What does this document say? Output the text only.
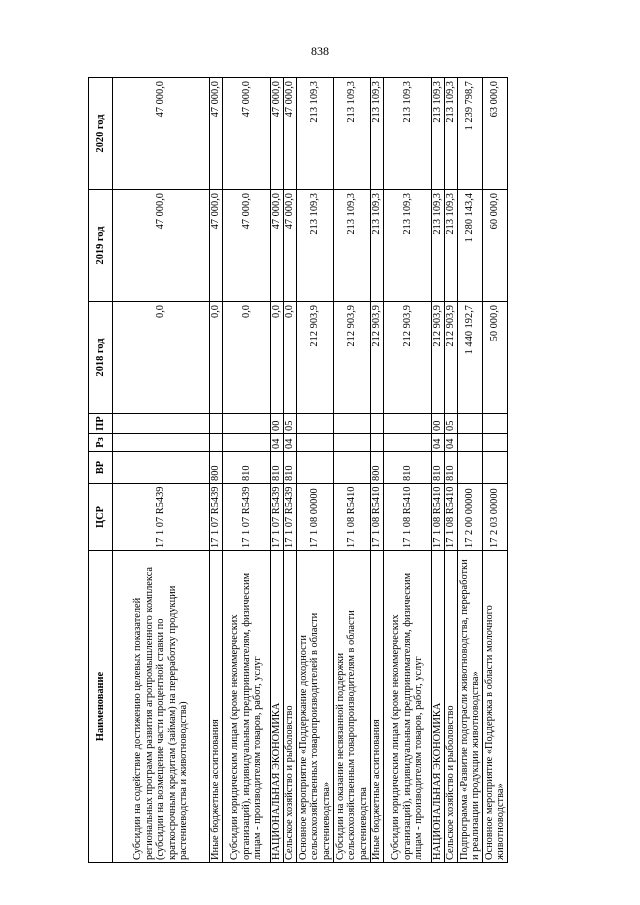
838
Наименование	ЦСР	ВР	Рз	ПР	2018 год	2019 год	2020 год
Субсидии на содействие достижению целевых показателей региональных программ развития агропромышленного комплекса (субсидии на возмещение части процентной ставки по краткосрочным кредитам (займам) на переработку продукции растениеводства и животноводства)	17 1 07 R5439				0,0	47 000,0	47 000,0
Иные бюджетные ассигнования	17 1 07 R5439	800			0,0	47 000,0	47 000,0
Субсидии юридическим лицам (кроме некоммерческих организаций), индивидуальным предпринимателям, физическим лицам - производителям товаров, работ, услуг	17 1 07 R5439	810			0,0	47 000,0	47 000,0
НАЦИОНАЛЬНАЯ ЭКОНОМИКА	17 1 07 R5439	810	04	00	0,0	47 000,0	47 000,0
Сельское хозяйство и рыболовство	17 1 07 R5439	810	04	05	0,0	47 000,0	47 000,0
Основное мероприятие «Поддержание доходности сельскохозяйственных товаропроизводителей в области растениеводства»	17 1 08 00000				212 903,9	213 109,3	213 109,3
Субсидии на оказание несвязанной поддержки сельскохозяйственным товаропроизводителям в области растениеводства	17 1 08 R5410				212 903,9	213 109,3	213 109,3
Иные бюджетные ассигнования	17 1 08 R5410	800			212 903,9	213 109,3	213 109,3
Субсидии юридическим лицам (кроме некоммерческих организаций), индивидуальным предпринимателям, физическим лицам - производителям товаров, работ, услуг	17 1 08 R5410	810			212 903,9	213 109,3	213 109,3
НАЦИОНАЛЬНАЯ ЭКОНОМИКА	17 1 08 R5410	810	04	00	212 903,9	213 109,3	213 109,3
Сельское хозяйство и рыболовство	17 1 08 R5410	810	04	05	212 903,9	213 109,3	213 109,3
Подпрограмма «Развитие подотрасли животноводства, переработки и реализации продукции животноводства»	17 2 00 00000				1 440 192,7	1 280 143,4	1 239 798,7
Основное мероприятие «Поддержка в области молочного животноводства»	17 2 03 00000				50 000,0	60 000,0	63 000,0
